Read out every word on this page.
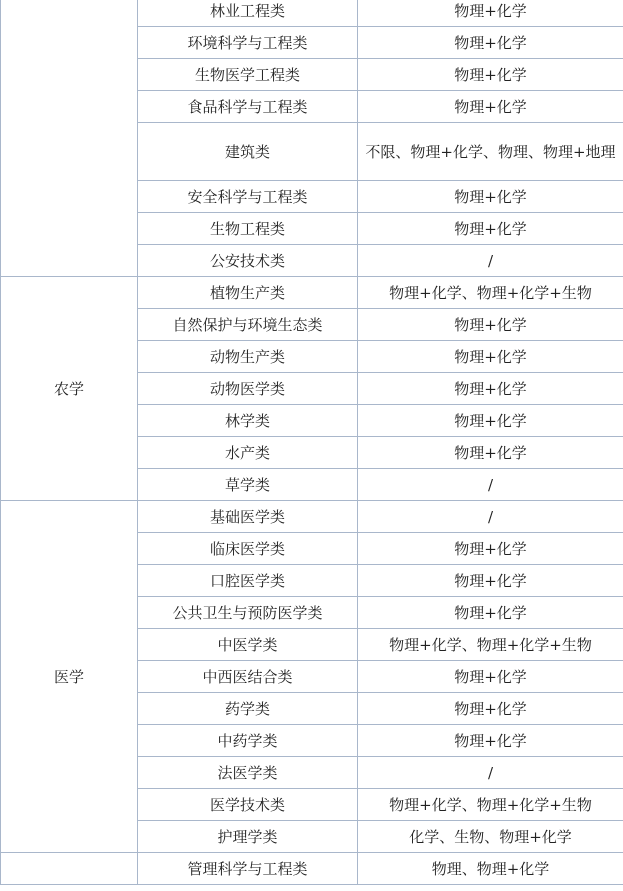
	林业工程类	物理+化学
	环境科学与工程类	物理+化学
	生物医学工程类	物理+化学
	食品科学与工程类	物理+化学
	建筑类	不限、物理+化学、物理、物理+地理
	安全科学与工程类	物理+化学
	生物工程类	物理+化学
	公安技术类	/
农学	植物生产类	物理+化学、物理+化学+生物
	自然保护与环境生态类	物理+化学
	动物生产类	物理+化学
	动物医学类	物理+化学
	林学类	物理+化学
	水产类	物理+化学
	草学类	/
医学	基础医学类	/
	临床医学类	物理+化学
	口腔医学类	物理+化学
	公共卫生与预防医学类	物理+化学
	中医学类	物理+化学、物理+化学+生物
	中西医结合类	物理+化学
	药学类	物理+化学
	中药学类	物理+化学
	法医学类	/
	医学技术类	物理+化学、物理+化学+生物
	护理学类	化学、生物、物理+化学
	管理科学与工程类	物理、物理+化学
